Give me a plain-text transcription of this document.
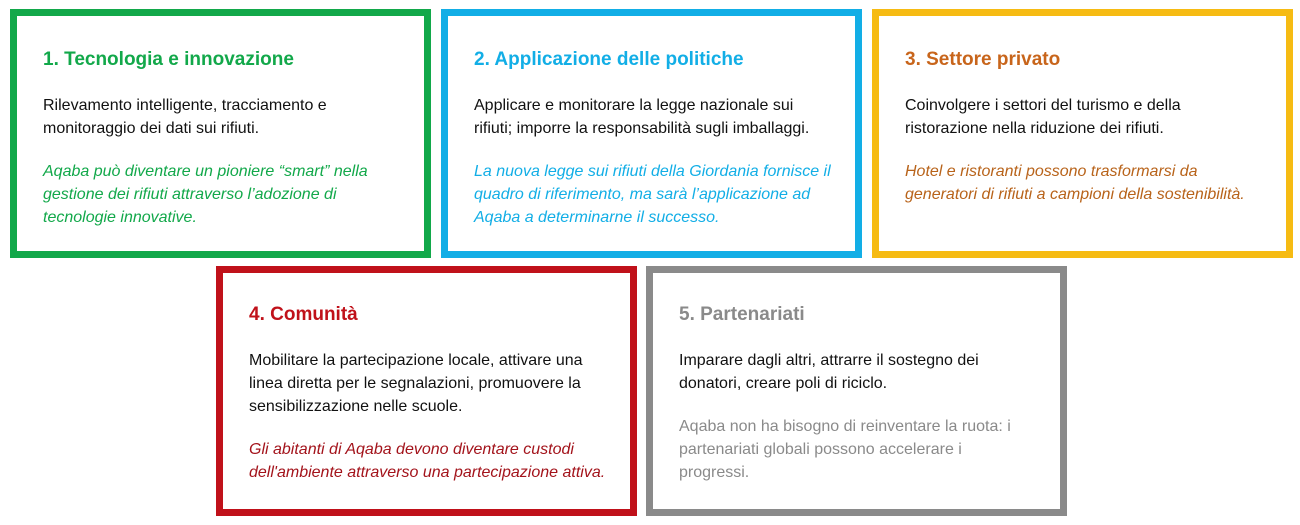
1. Tecnologia e innovazione
Rilevamento intelligente, tracciamento e monitoraggio dei dati sui rifiuti.
Aqaba può diventare un pioniere “smart” nella gestione dei rifiuti attraverso l’adozione di tecnologie innovative.
2. Applicazione delle politiche
Applicare e monitorare la legge nazionale sui rifiuti; imporre la responsabilità sugli imballaggi.
La nuova legge sui rifiuti della Giordania fornisce il quadro di riferimento, ma sarà l’applicazione ad Aqaba a determinarne il successo.
3. Settore privato
Coinvolgere i settori del turismo e della ristorazione nella riduzione dei rifiuti.
Hotel e ristoranti possono trasformarsi da generatori di rifiuti a campioni della sostenibilità.
4. Comunità
Mobilitare la partecipazione locale, attivare una linea diretta per le segnalazioni, promuovere la sensibilizzazione nelle scuole.
Gli abitanti di Aqaba devono diventare custodi dell'ambiente attraverso una partecipazione attiva.
5. Partenariati
Imparare dagli altri, attrarre il sostegno dei donatori, creare poli di riciclo.
Aqaba non ha bisogno di reinventare la ruota: i partenariati globali possono accelerare i progressi.
